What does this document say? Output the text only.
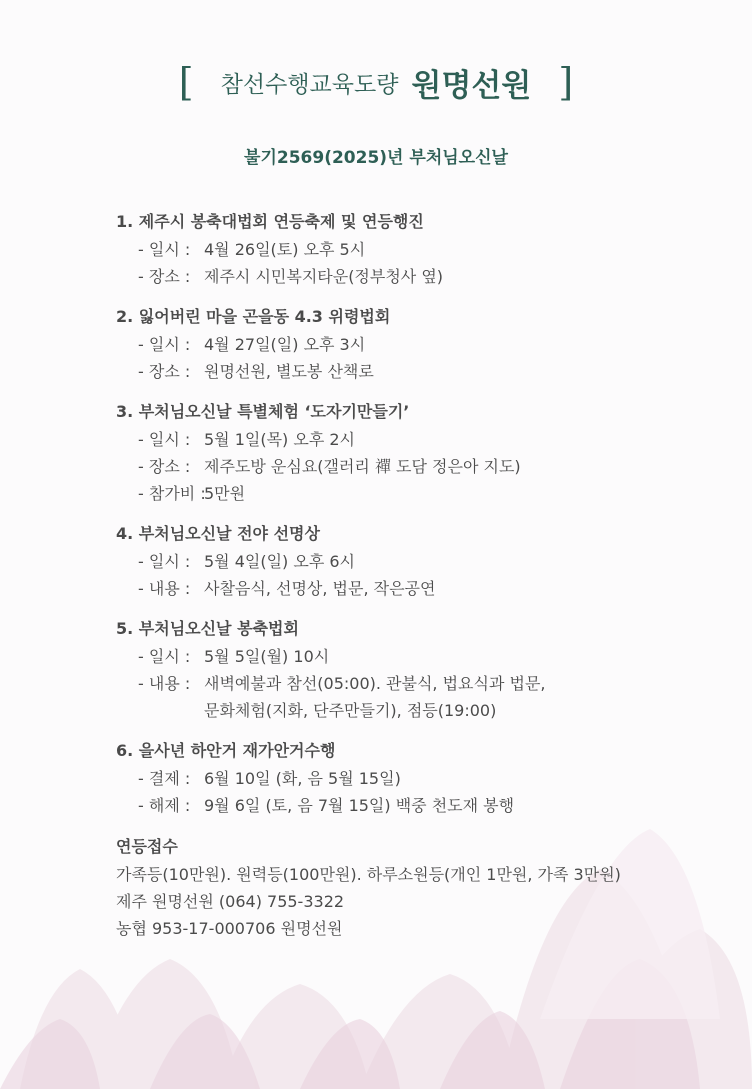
[ 참선수행교육도량 원명선원 ]
불기2569(2025)년 부처님오신날
1. 제주시 봉축대법회 연등축제 및 연등행진
- 일시 : 4월 26일(토) 오후 5시
- 장소 : 제주시 시민복지타운(정부청사 옆)
2. 잃어버린 마을 곤을동 4.3 위령법회
- 일시 : 4월 27일(일) 오후 3시
- 장소 : 원명선원, 별도봉 산책로
3. 부처님오신날 특별체험 ‘도자기만들기’
- 일시 : 5월 1일(목) 오후 2시
- 장소 : 제주도방 운심요(갤러리 禪 도담 정은아 지도)
- 참가비 :
5만원
4. 부처님오신날 전야 선명상
- 일시 : 5월 4일(일) 오후 6시
- 내용 : 사찰음식, 선명상, 법문, 작은공연
5. 부처님오신날 봉축법회
- 일시 : 5월 5일(월) 10시
- 내용 : 새벽예불과 참선(05:00). 관불식, 법요식과 법문,
문화체험(지화, 단주만들기), 점등(19:00)
6. 을사년 하안거 재가안거수행
- 결제 : 6월 10일 (화, 음 5월 15일)
- 해제 : 9월 6일 (토, 음 7월 15일) 백중 천도재 봉행
연등접수
가족등(10만원). 원력등(100만원). 하루소원등(개인 1만원, 가족 3만원)
제주 원명선원 (064) 755-3322
농협 953-17-000706 원명선원
